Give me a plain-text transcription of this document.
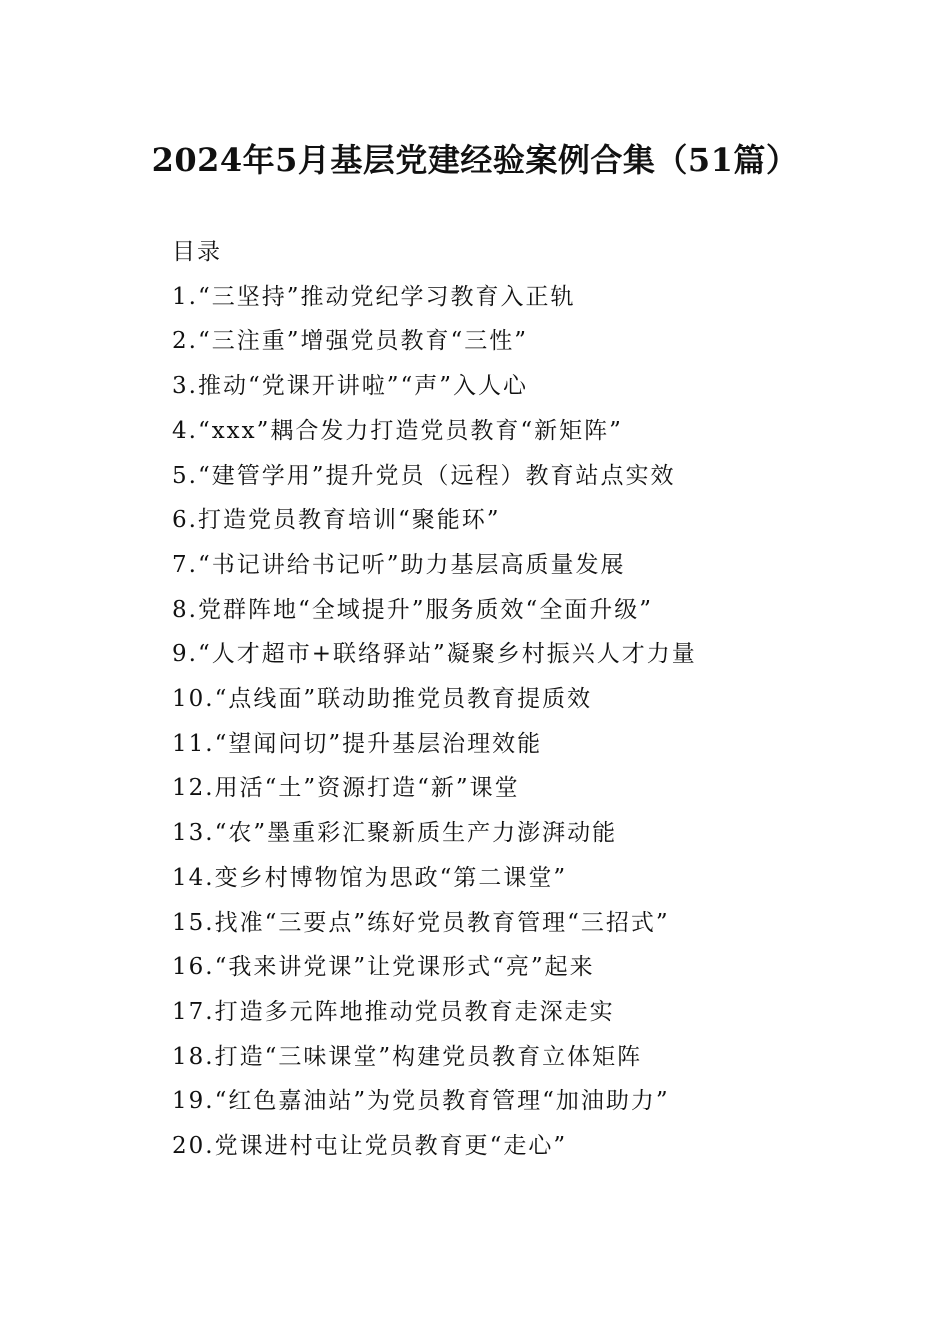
2024年5月基层党建经验案例合集（51篇）

目录

1.“三坚持”推动党纪学习教育入正轨
2.“三注重”增强党员教育“三性”
3.推动“党课开讲啦”“声”入人心
4.“xxx”耦合发力打造党员教育“新矩阵”
5.“建管学用”提升党员（远程）教育站点实效
6.打造党员教育培训“聚能环”
7.“书记讲给书记听”助力基层高质量发展
8.党群阵地“全域提升”服务质效“全面升级”
9.“人才超市+联络驿站”凝聚乡村振兴人才力量
10.“点线面”联动助推党员教育提质效
11.“望闻问切”提升基层治理效能
12.用活“土”资源打造“新”课堂
13.“农”墨重彩汇聚新质生产力澎湃动能
14.变乡村博物馆为思政“第二课堂”
15.找准“三要点”练好党员教育管理“三招式”
16.“我来讲党课”让党课形式“亮”起来
17.打造多元阵地推动党员教育走深走实
18.打造“三味课堂”构建党员教育立体矩阵
19.“红色嘉油站”为党员教育管理“加油助力”
20.党课进村屯让党员教育更“走心”
